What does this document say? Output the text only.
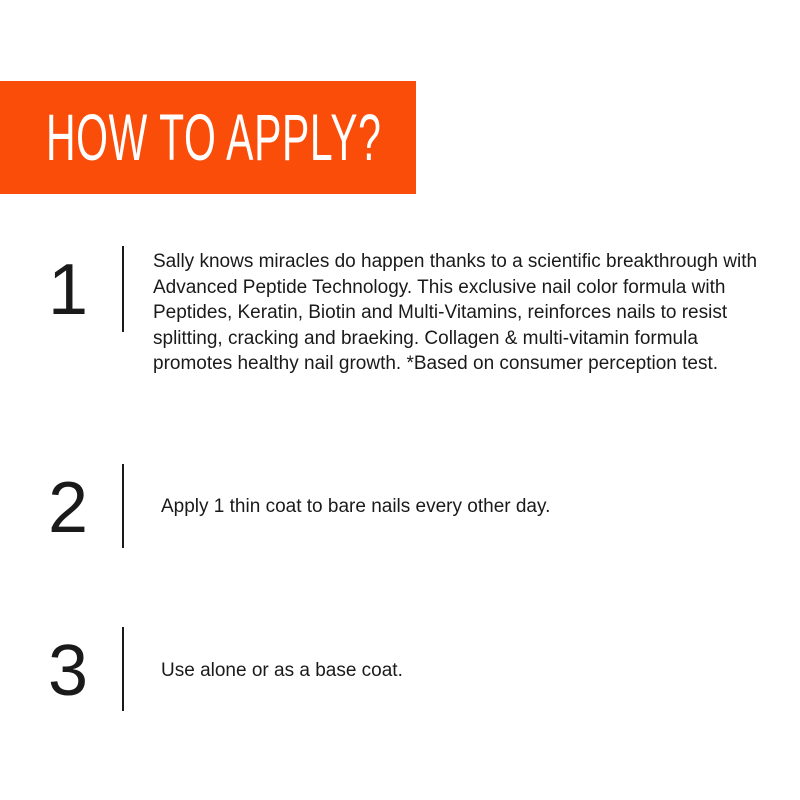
HOW TO APPLY?
1	Sally knows miracles do happen thanks to a scientific breakthrough with Advanced Peptide Technology. This exclusive nail color formula with Peptides, Keratin, Biotin and Multi-Vitamins, reinforces nails to resist splitting, cracking and braeking. Collagen & multi-vitamin formula promotes healthy nail growth. *Based on consumer perception test.

2	Apply 1 thin coat to bare nails every other day.

3	Use alone or as a base coat.
